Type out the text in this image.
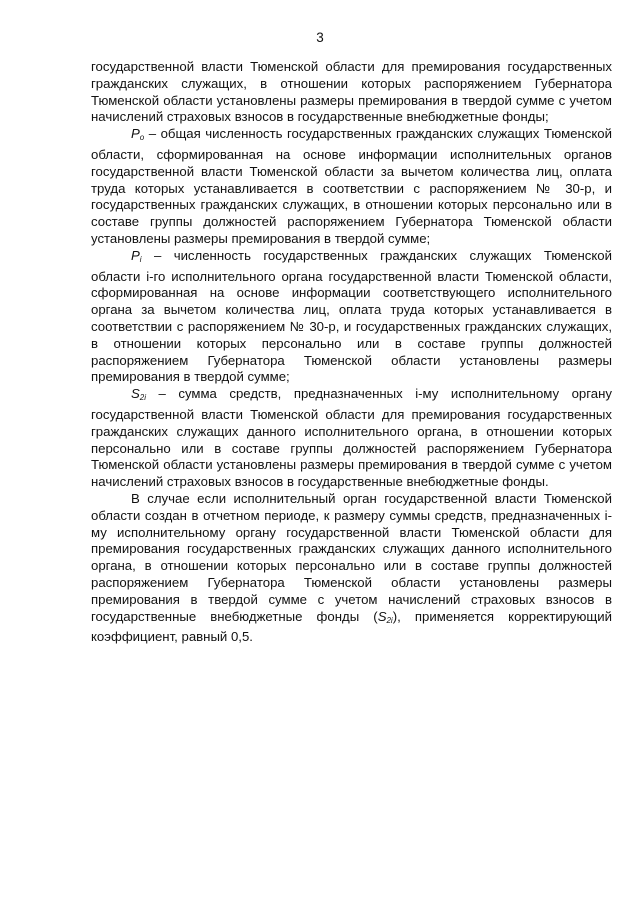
3

государственной власти Тюменской области для премирования государственных гражданских служащих, в отношении которых распоряжением Губернатора Тюменской области установлены размеры премирования в твердой сумме с учетом начислений страховых взносов в государственные внебюджетные фонды;

$P_o$ – общая численность государственных гражданских служащих Тюменской области, сформированная на основе информации исполнительных органов государственной власти Тюменской области за вычетом количества лиц, оплата труда которых устанавливается в соответствии с распоряжением № 30-р, и государственных гражданских служащих, в отношении которых персонально или в составе группы должностей распоряжением Губернатора Тюменской области установлены размеры премирования в твердой сумме;

$P_i$ – численность государственных гражданских служащих Тюменской области i-го исполнительного органа государственной власти Тюменской области, сформированная на основе информации соответствующего исполнительного органа за вычетом количества лиц, оплата труда которых устанавливается в соответствии с распоряжением № 30-р, и государственных гражданских служащих, в отношении которых персонально или в составе группы должностей распоряжением Губернатора Тюменской области установлены размеры премирования в твердой сумме;

$S_{2i}$ – сумма средств, предназначенных i-му исполнительному органу государственной власти Тюменской области для премирования государственных гражданских служащих данного исполнительного органа, в отношении которых персонально или в составе группы должностей распоряжением Губернатора Тюменской области установлены размеры премирования в твердой сумме с учетом начислений страховых взносов в государственные внебюджетные фонды.

В случае если исполнительный орган государственной власти Тюменской области создан в отчетном периоде, к размеру суммы средств, предназначенных i-му исполнительному органу государственной власти Тюменской области для премирования государственных гражданских служащих данного исполнительного органа, в отношении которых персонально или в составе группы должностей распоряжением Губернатора Тюменской области установлены размеры премирования в твердой сумме с учетом начислений страховых взносов в государственные внебюджетные фонды $(S_{2i})$, применяется корректирующий коэффициент, равный 0,5.
